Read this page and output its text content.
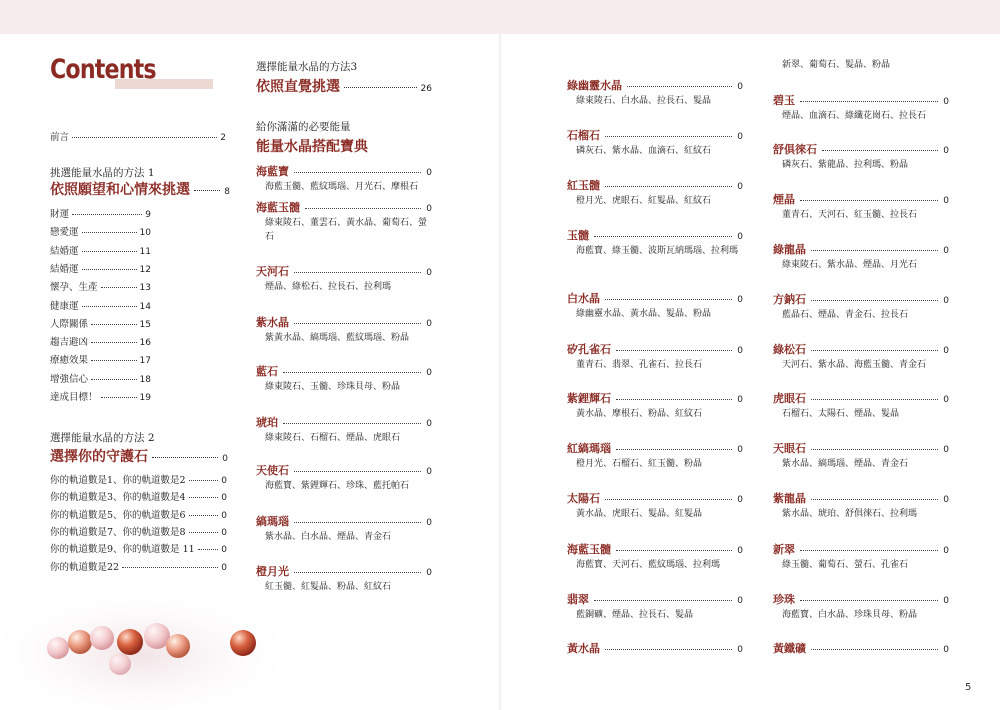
Contents
前言	2
挑選能量水晶的方法 1
依照願望和心情來挑選	8
財運	9
戀愛運	10
結婚運	11
結婚運	12
懷孕、生產	13
健康運	14
人際關係	15
趨吉避凶	16
療癒效果	17
增強信心	18
達成目標！	19
選擇能量水晶的方法 2
選擇你的守護石	0
你的軌道數是1、你的軌道數是2	0
你的軌道數是3、你的軌道數是4	0
你的軌道數是5、你的軌道數是6	0
你的軌道數是7、你的軌道數是8	0
你的軌道數是9、你的軌道數是 11	0
你的軌道數是22	0
選擇能量水晶的方法3
依照直覺挑選	26
給你滿滿的必要能量
能量水晶搭配寶典
海藍寶	0
海藍玉髓、藍紋瑪瑙、月光石、摩根石
海藍玉髓	0
綠東陵石、董雲石、黃水晶、葡萄石、螢石
天河石	0
煙晶、綠松石、拉長石、拉利瑪
紫水晶	0
紫黃水晶、縞瑪瑙、藍紋瑪瑙、粉晶
藍石	0
綠東陵石、玉髓、珍珠貝母、粉晶
琥珀	0
綠東陵石、石榴石、煙晶、虎眼石
天使石	0
海藍寶、紫鋰輝石、珍珠、藍托帕石
縞瑪瑙	0
紫水晶、白水晶、煙晶、青金石
橙月光	0
紅玉髓、紅髮晶、粉晶、紅紋石
綠幽靈水晶	0
綠東陵石、白水晶、拉長石、髮晶
石榴石	0
磷灰石、紫水晶、血滴石、紅紋石
紅玉髓	0
橙月光、虎眼石、紅髮晶、紅紋石
玉髓	0
海藍寶、綠玉髓、波斯瓦納瑪瑙、拉利瑪
白水晶	0
綠幽靈水晶、黃水晶、髮晶、粉晶
矽孔雀石	0
董青石、翡翠、孔雀石、拉長石
紫鋰輝石	0
黃水晶、摩根石、粉晶、紅紋石
紅縞瑪瑙	0
橙月光、石榴石、紅玉髓、粉晶
太陽石	0
黃水晶、虎眼石、髮晶、紅髮晶
海藍玉髓	0
海藍寶、天河石、藍紋瑪瑙、拉利瑪
翡翠	0
藍銅礦、煙晶、拉長石、髮晶
黃水晶	0
新翠、葡萄石、髮晶、粉晶
碧玉	0
煙晶、血滴石、綠纖花崗石、拉長石
舒俱徠石	0
磷灰石、紫龍晶、拉利瑪、粉晶
煙晶	0
董青石、天河石、紅玉髓、拉長石
綠龍晶	0
綠東陵石、紫水晶、煙晶、月光石
方鈉石	0
藍晶石、煙晶、青金石、拉長石
綠松石	0
天河石、紫水晶、海藍玉髓、青金石
虎眼石	0
石榴石、太陽石、煙晶、髮晶
天眼石	0
紫水晶、縞瑪瑙、煙晶、青金石
紫龍晶	0
紫水晶、琥珀、舒俱徠石、拉利瑪
新翠	0
綠玉髓、葡萄石、螢石、孔雀石
珍珠	0
海藍寶、白水晶、珍珠貝母、粉晶
黃鐵礦	0
5
